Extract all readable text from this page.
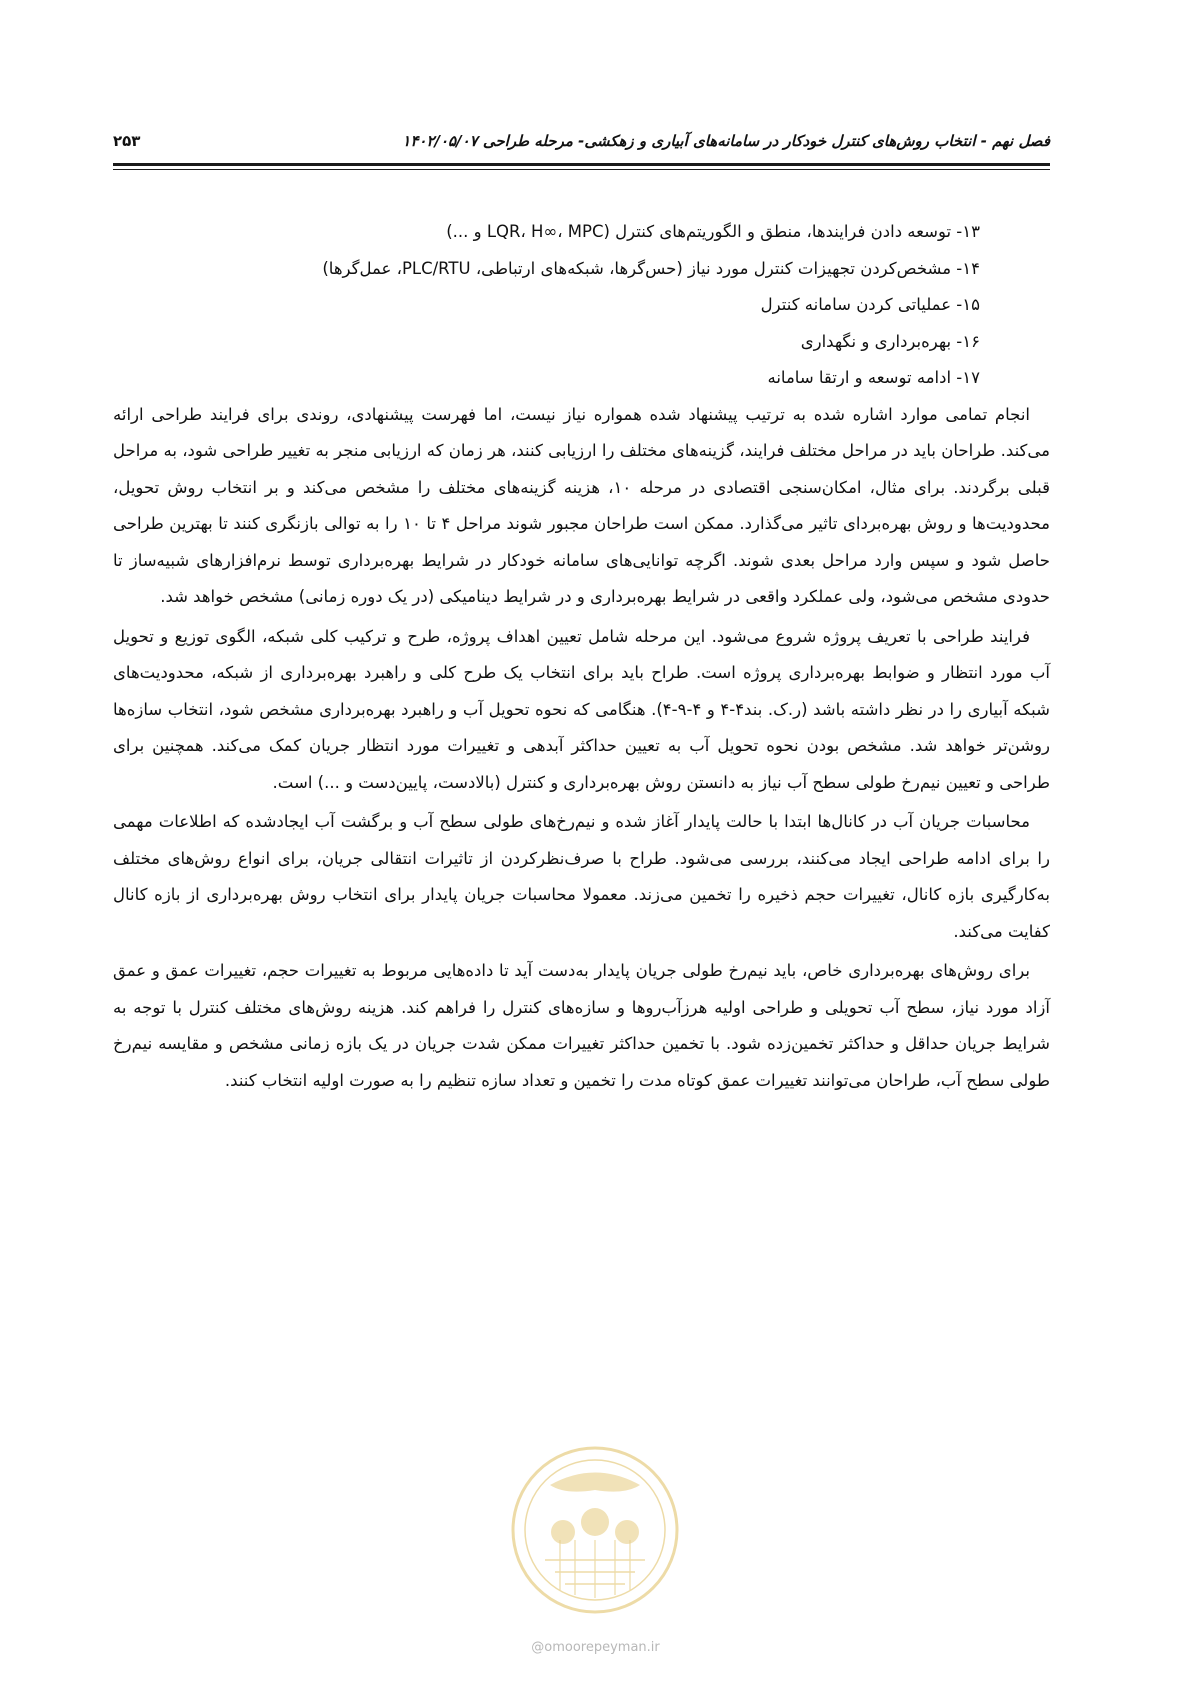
فصل نهم - انتخاب روش‌های کنترل خودکار در سامانه‌های آبیاری و زهکشی- مرحله طراحی ۱۴۰۲/۰۵/۰۷
۲۵۳
۱۳- توسعه دادن فرایندها، منطق و الگوریتم‌های کنترل (LQR، H∞، MPC و ...)
۱۴- مشخص‌کردن تجهیزات کنترل مورد نیاز (حس‌گرها، شبکه‌های ارتباطی، PLC/RTU، عمل‌گرها)
۱۵- عملیاتی کردن سامانه کنترل
۱۶- بهره‌برداری و نگهداری
۱۷- ادامه توسعه و ارتقا سامانه

انجام تمامی موارد اشاره شده به ترتیب پیشنهاد شده همواره نیاز نیست، اما فهرست پیشنهادی، روندی برای فرایند طراحی ارائه می‌کند. طراحان باید در مراحل مختلف فرایند، گزینه‌های مختلف را ارزیابی کنند، هر زمان که ارزیابی منجر به تغییر طراحی شود، به مراحل قبلی برگردند. برای مثال، امکان‌سنجی اقتصادی در مرحله ۱۰، هزینه گزینه‌های مختلف را مشخص می‌کند و بر انتخاب روش تحویل، محدودیت‌ها و روش بهره‌بردای تاثیر می‌گذارد. ممکن است طراحان مجبور شوند مراحل ۴ تا ۱۰ را به توالی بازنگری کنند تا بهترین طراحی حاصل شود و سپس وارد مراحل بعدی شوند. اگرچه توانایی‌های سامانه خودکار در شرایط بهره‌برداری توسط نرم‌افزارهای شبیه‌ساز تا حدودی مشخص می‌شود، ولی عملکرد واقعی در شرایط بهره‌برداری و در شرایط دینامیکی (در یک دوره زمانی) مشخص خواهد شد.

فرایند طراحی با تعریف پروژه شروع می‌شود. این مرحله شامل تعیین اهداف پروژه، طرح و ترکیب کلی شبکه، الگوی توزیع و تحویل آب مورد انتظار و ضوابط بهره‌برداری پروژه است. طراح باید برای انتخاب یک طرح کلی و راهبرد بهره‌برداری از شبکه، محدودیت‌های شبکه آبیاری را در نظر داشته باشد (ر.ک. بند۴-۴ و ۴-۹-۴). هنگامی که نحوه تحویل آب و راهبرد بهره‌برداری مشخص شود، انتخاب سازه‌ها روشن‌تر خواهد شد. مشخص بودن نحوه تحویل آب به تعیین حداکثر آبدهی و تغییرات مورد انتظار جریان کمک می‌کند. همچنین برای طراحی و تعیین نیم‌رخ طولی سطح آب نیاز به دانستن روش بهره‌برداری و کنترل (بالادست، پایین‌دست و ...) است.

محاسبات جریان آب در کانال‌ها ابتدا با حالت پایدار آغاز شده و نیم‌رخ‌های طولی سطح آب و برگشت آب ایجادشده که اطلاعات مهمی را برای ادامه طراحی ایجاد می‌کنند، بررسی می‌شود. طراح با صرف‌نظرکردن از تاثیرات انتقالی جریان، برای انواع روش‌های مختلف به‌کارگیری بازه کانال، تغییرات حجم ذخیره را تخمین می‌زند. معمولا محاسبات جریان پایدار برای انتخاب روش بهره‌برداری از بازه کانال کفایت می‌کند.

برای روش‌های بهره‌برداری خاص، باید نیم‌رخ طولی جریان پایدار به‌دست آید تا داده‌هایی مربوط به تغییرات حجم، تغییرات عمق و عمق آزاد مورد نیاز، سطح آب تحویلی و طراحی اولیه هرزآب‌روها و سازه‌های کنترل را فراهم کند. هزینه روش‌های مختلف کنترل با توجه به شرایط جریان حداقل و حداکثر تخمین‌زده شود. با تخمین حداکثر تغییرات ممکن شدت جریان در یک بازه زمانی مشخص و مقایسه نیم‌رخ طولی سطح آب، طراحان می‌توانند تغییرات عمق کوتاه مدت را تخمین و تعداد سازه تنظیم را به صورت اولیه انتخاب کنند.

@omoorepeyman.ir
